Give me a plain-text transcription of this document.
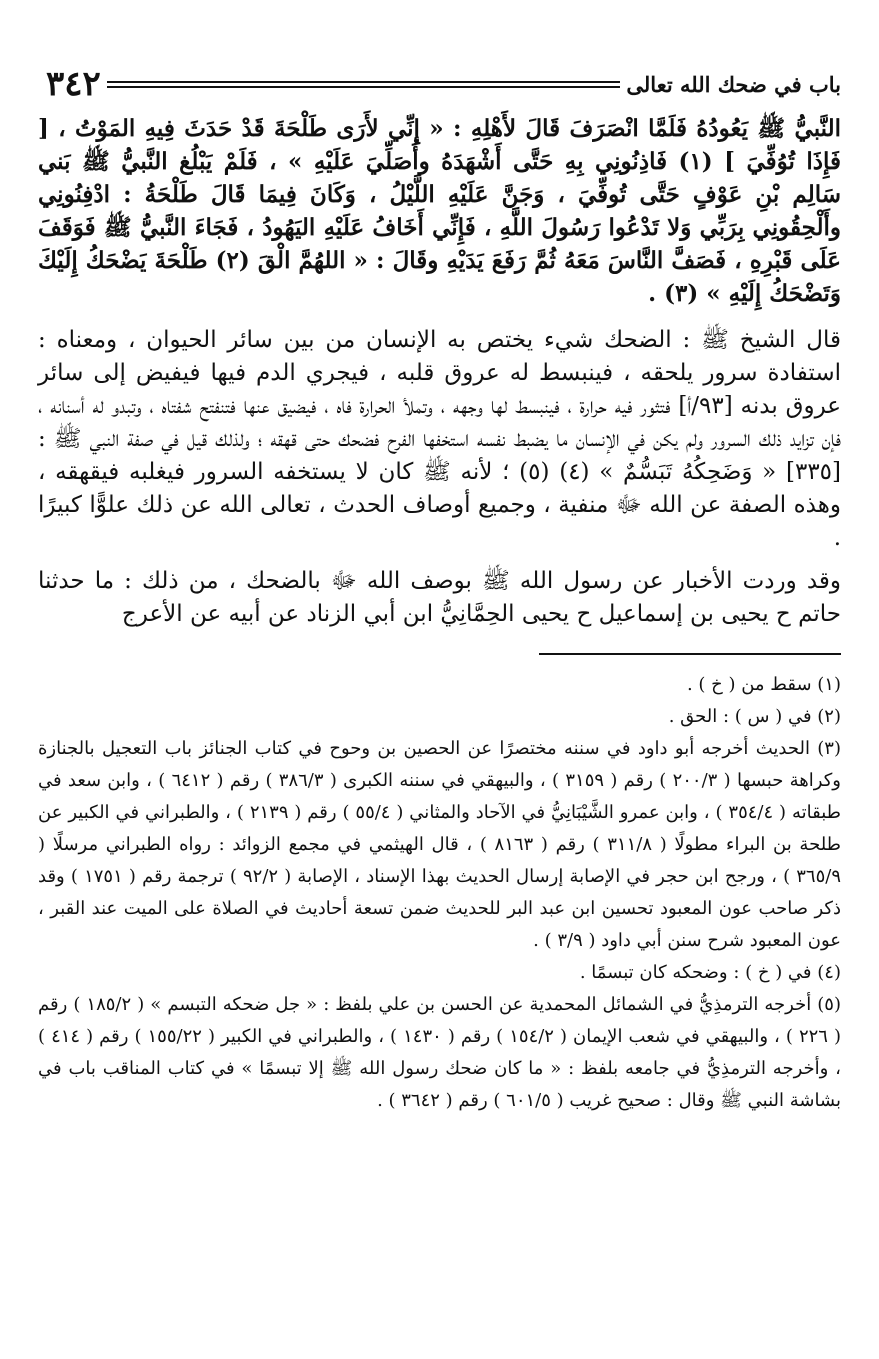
باب في ضحك الله تعالى
٣٤٢

النَّبيُّ ﷺ يَعُودُهُ فَلَمَّا انْصَرَفَ قَالَ لأَهْلِهِ : « إِنِّي لأَرَى طَلْحَةَ قَدْ حَدَثَ فِيهِ المَوْتُ ، [ فَإِذَا تُوُفِّيَ ] (١) فَاذِنُونِي بِهِ حَتَّى أَشْهَدَهُ وأُصَلِّيَ عَلَيْهِ » ، فَلَمْ يَبْلُغ النَّبيُّ ﷺ بَني سَالِم بْنِ عَوْفٍ حَتَّى تُوفِّيَ ، وَجَنَّ عَلَيْهِ اللَّيْلُ ، وَكَانَ فِيمَا قَالَ طَلْحَةُ : ادْفِنُونِي وأَلْحِقُونِي بِرَبِّي وَلا تَدْعُوا رَسُولَ اللَّهِ ، فَإِنِّي أَخَافُ عَلَيْهِ اليَهُودُ ، فَجَاءَ النَّبيُّ ﷺ فَوَقَفَ عَلَى قَبْرِهِ ، فَصَفَّ النَّاسَ مَعَهُ ثُمَّ رَفَعَ يَدَيْهِ وقَالَ : « اللهُمَّ الْقَ (٢) طَلْحَةَ يَضْحَكُ إِلَيْكَ وَتَضْحَكُ إِلَيْهِ » (٣) .

قال الشيخ ﷺ : الضحك شيء يختص به الإنسان من بين سائر الحيوان ، ومعناه : استفادة سرور يلحقه ، فينبسط له عروق قلبه ، فيجري الدم فيها فيفيض إلى سائر عروق بدنه [٩٣/أ] فتثور فيه حرارة ، فينبسط لها وجهه ، وتملأ الحرارة فاه ، فيضيق عنها فتنفتح شفتاه ، وتبدو له أسنانه ، فإن تزايد ذلك السرور ولم يكن في الإنسان ما يضبط نفسه استخفها الفرح فضحك حتى قهقه ؛ ولذلك قيل في صفة النبي ﷺ : [٣٣٥] « وَضَحِكُهُ تَبَسُّمٌ » (٤) (٥) ؛ لأنه ﷺ كان لا يستخفه السرور فيغلبه فيقهقه ، وهذه الصفة عن الله ﷻ منفية ، وجميع أوصاف الحدث ، تعالى الله عن ذلك علوًّا كبيرًا .

وقد وردت الأخبار عن رسول الله ﷺ بوصف الله ﷻ بالضحك ، من ذلك : ما حدثنا حاتم ح يحيى بن إسماعيل ح يحيى الحِمَّانِيُّ ابن أبي الزناد عن أبيه عن الأعرج

(١) سقط من ( خ ) .

(٢) في ( س ) : الحق .

(٣) الحديث أخرجه أبو داود في سننه مختصرًا عن الحصين بن وحوح في كتاب الجنائز باب التعجيل بالجنازة وكراهة حبسها ( ٢٠٠/٣ ) رقم ( ٣١٥٩ ) ، والبيهقي في سننه الكبرى ( ٣٨٦/٣ ) رقم ( ٦٤١٢ ) ، وابن سعد في طبقاته ( ٣٥٤/٤ ) ، وابن عمرو الشَّيْبَانِيُّ في الآحاد والمثاني ( ٥٥/٤ ) رقم ( ٢١٣٩ ) ، والطبراني في الكبير عن طلحة بن البراء مطولًا ( ٣١١/٨ ) رقم ( ٨١٦٣ ) ، قال الهيثمي في مجمع الزوائد : رواه الطبراني مرسلًا ( ٣٦٥/٩ ) ، ورجح ابن حجر في الإصابة إرسال الحديث بهذا الإسناد ، الإصابة ( ٩٢/٢ ) ترجمة رقم ( ١٧٥١ ) وقد ذكر صاحب عون المعبود تحسين ابن عبد البر للحديث ضمن تسعة أحاديث في الصلاة على الميت عند القبر ، عون المعبود شرح سنن أبي داود ( ٣/٩ ) .

(٤) في ( خ ) : وضحكه كان تبسمًا .

(٥) أخرجه الترمذِيُّ في الشمائل المحمدية عن الحسن بن علي بلفظ : « جل ضحكه التبسم » ( ١٨٥/٢ ) رقم ( ٢٢٦ ) ، والبيهقي في شعب الإيمان ( ١٥٤/٢ ) رقم ( ١٤٣٠ ) ، والطبراني في الكبير ( ١٥٥/٢٢ ) رقم ( ٤١٤ ) ، وأخرجه الترمذِيُّ في جامعه بلفظ : « ما كان ضحك رسول الله ﷺ إلا تبسمًا » في كتاب المناقب باب في بشاشة النبي ﷺ وقال : صحيح غريب ( ٦٠١/٥ ) رقم ( ٣٦٤٢ ) .
